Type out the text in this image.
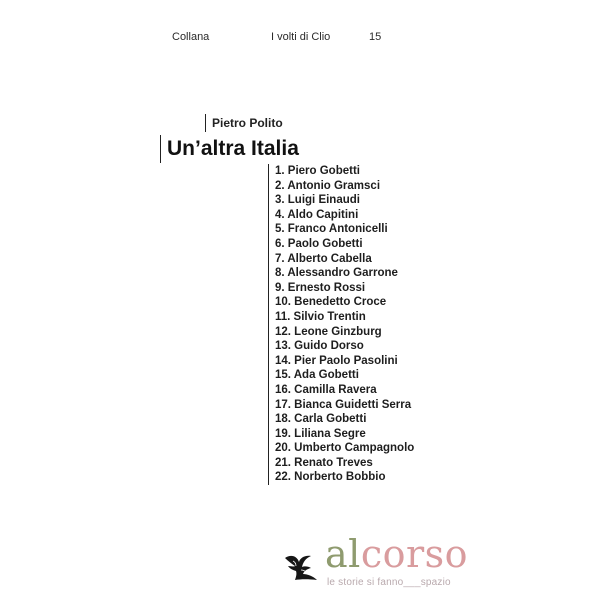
Collana	I volti di Clio	15
Pietro Polito
Un’altra Italia
1. Piero Gobetti
2. Antonio Gramsci
3. Luigi Einaudi
4. Aldo Capitini
5. Franco Antonicelli
6. Paolo Gobetti
7. Alberto Cabella
8. Alessandro Garrone
9. Ernesto Rossi
10. Benedetto Croce
11. Silvio Trentin
12. Leone Ginzburg
13. Guido Dorso
14. Pier Paolo Pasolini
15. Ada Gobetti
16. Camilla Ravera
17. Bianca Guidetti Serra
18. Carla Gobetti
19. Liliana Segre
20. Umberto Campagnolo
21. Renato Treves
22. Norberto Bobbio
alcorso
le storie si fanno___spazio
